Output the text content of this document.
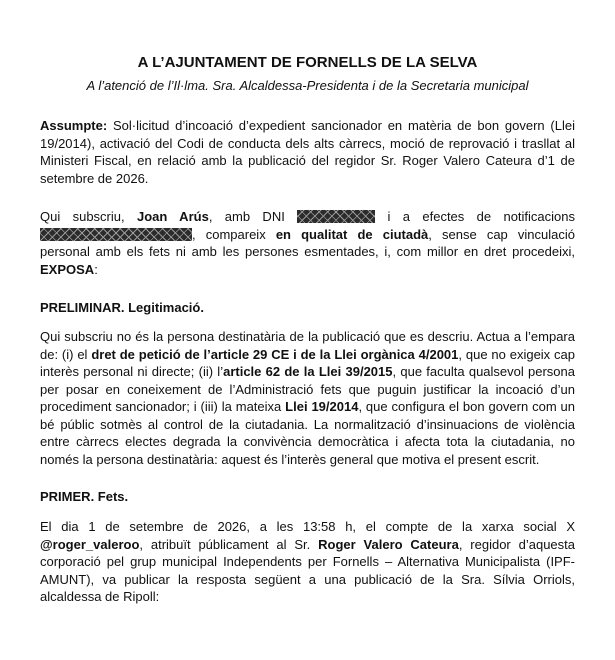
A L’AJUNTAMENT DE FORNELLS DE LA SELVA
A l’atenció de l’Il·lma. Sra. Alcaldessa-Presidenta i de la Secretaria municipal

Assumpte: Sol·licitud d’incoació d’expedient sancionador en matèria de bon govern (Llei 19/2014), activació del Codi de conducta dels alts càrrecs, moció de reprovació i trasllat al Ministeri Fiscal, en relació amb la publicació del regidor Sr. Roger Valero Cateura d’1 de setembre de 2026.

Qui subscriu, Joan Arús, amb DNI	i a efectes de notificacions , compareix en qualitat de ciutadà, sense cap vinculació personal amb els fets ni amb les persones esmentades, i, com millor en dret procedeixi, EXPOSA:

PRELIMINAR. Legitimació.

Qui subscriu no és la persona destinatària de la publicació que es descriu. Actua a l’empara de: (i) el dret de petició de l’article 29 CE i de la Llei orgànica 4/2001, que no exigeix cap interès personal ni directe; (ii) l’article 62 de la Llei 39/2015, que faculta qualsevol persona per posar en coneixement de l’Administració fets que puguin justificar la incoació d’un procediment sancionador; i (iii) la mateixa Llei 19/2014, que configura el bon govern com un bé públic sotmès al control de la ciutadania. La normalització d’insinuacions de violència entre càrrecs electes degrada la convivència democràtica i afecta tota la ciutadania, no només la persona destinatària: aquest és l’interès general que motiva el present escrit.

PRIMER. Fets.

El dia 1 de setembre de 2026, a les 13:58 h, el compte de la xarxa social X @roger_valeroo, atribuït públicament al Sr. Roger Valero Cateura, regidor d’aquesta corporació pel grup municipal Independents per Fornells – Alternativa Municipalista (IPF-AMUNT), va publicar la resposta següent a una publicació de la Sra. Sílvia Orriols, alcaldessa de Ripoll:
